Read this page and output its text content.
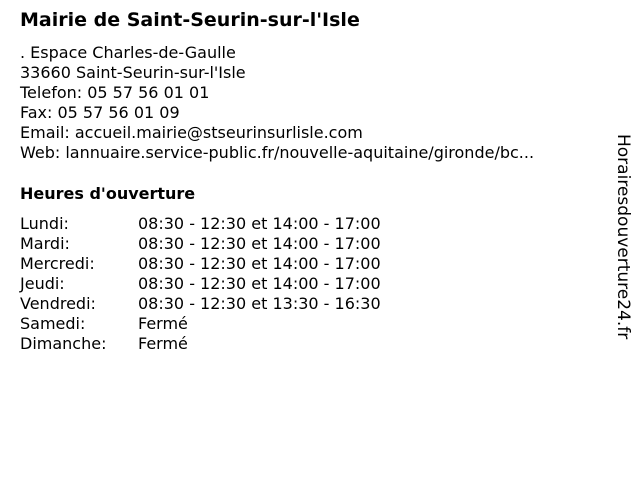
Mairie de Saint-Seurin-sur-l'Isle
. Espace Charles-de-Gaulle
33660 Saint-Seurin-sur-l'Isle
Telefon: 05 57 56 01 01
Fax: 05 57 56 01 09
Email: accueil.mairie@stseurinsurlisle.com
Web: lannuaire.service-public.fr/nouvelle-aquitaine/gironde/bc...
Heures d'ouverture
Lundi:	08:30 - 12:30 et 14:00 - 17:00
Mardi:	08:30 - 12:30 et 14:00 - 17:00
Mercredi:	08:30 - 12:30 et 14:00 - 17:00
Jeudi:	08:30 - 12:30 et 14:00 - 17:00
Vendredi:	08:30 - 12:30 et 13:30 - 16:30
Samedi:	Fermé
Dimanche: Fermé
Horairesdouverture24.fr
